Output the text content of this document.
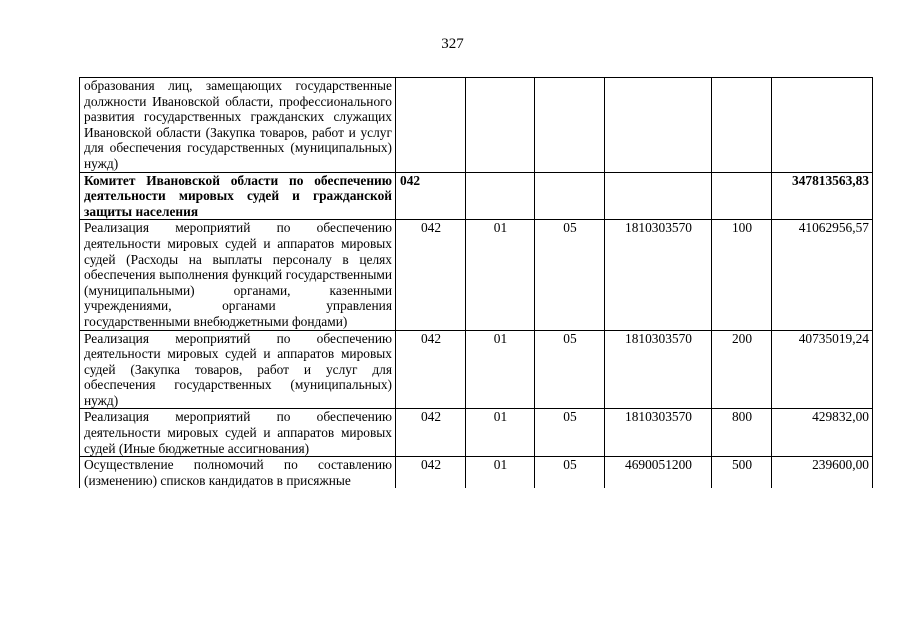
327
образования лиц, замещающих государственные должности Ивановской области, профессионального развития государственных гражданских служащих Ивановской области (Закупка товаров, работ и услуг для обеспечения государственных (муниципальных) нужд)						
Комитет Ивановской области по обеспечению деятельности мировых судей и гражданской защиты населения	042					347813563,83
Реализация мероприятий по обеспечению деятельности мировых судей и аппаратов мировых судей (Расходы на выплаты персоналу в целях обеспечения выполнения функций государственными (муниципальными) органами, казенными учреждениями, органами управления государственными внебюджетными фондами)	042	01	05	1810303570	100	41062956,57
Реализация мероприятий по обеспечению деятельности мировых судей и аппаратов мировых судей (Закупка товаров, работ и услуг для обеспечения государственных (муниципальных) нужд)	042	01	05	1810303570	200	40735019,24
Реализация мероприятий по обеспечению деятельности мировых судей и аппаратов мировых судей (Иные бюджетные ассигнования)	042	01	05	1810303570	800	429832,00
Осуществление полномочий по составлению (изменению) списков кандидатов в присяжные	042	01	05	4690051200	500	239600,00
